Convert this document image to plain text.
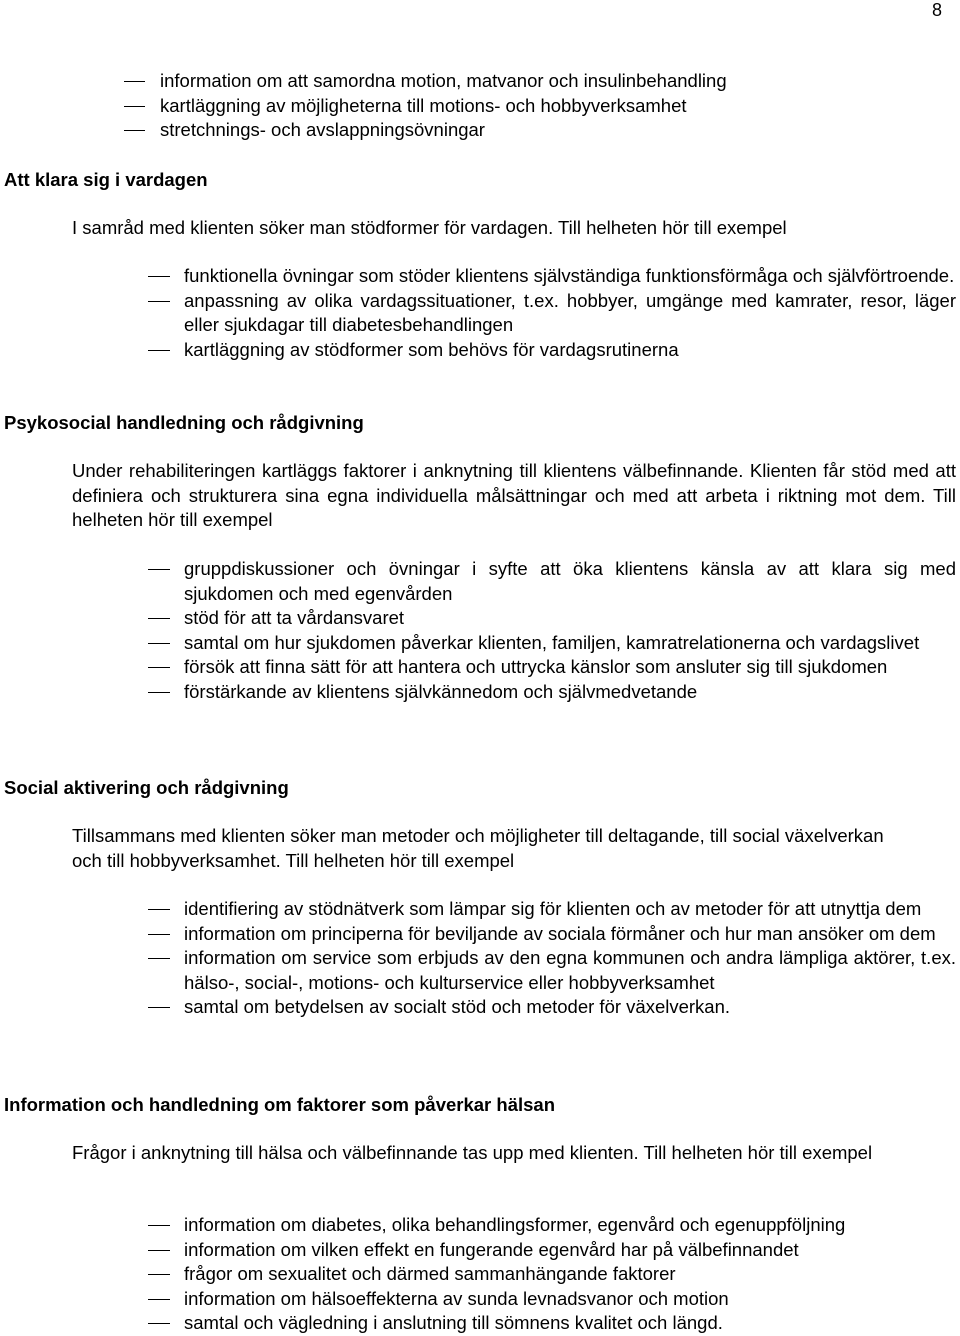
8
information om att samordna motion, matvanor och insulinbehandling
kartläggning av möjligheterna till motions- och hobbyverksamhet
stretchnings- och avslappningsövningar
Att klara sig i vardagen
I samråd med klienten söker man stödformer för vardagen. Till helheten hör till exempel
funktionella övningar som stöder klientens självständiga funktionsförmåga och självförtroende.
anpassning av olika vardagssituationer, t.ex. hobbyer, umgänge med kamrater, resor, läger eller sjukdagar till diabetesbehandlingen
kartläggning av stödformer som behövs för vardagsrutinerna
Psykosocial handledning och rådgivning
Under rehabiliteringen kartläggs faktorer i anknytning till klientens välbefinnande. Klienten får stöd med att definiera och strukturera sina egna individuella målsättningar och med att arbeta i riktning mot dem. Till helheten hör till exempel
gruppdiskussioner och övningar i syfte att öka klientens känsla av att klara sig med sjukdomen och med egenvården
stöd för att ta vårdansvaret
samtal om hur sjukdomen påverkar klienten, familjen, kamratrelationerna och vardagslivet
försök att finna sätt för att hantera och uttrycka känslor som ansluter sig till sjukdomen
förstärkande av klientens självkännedom och självmedvetande
Social aktivering och rådgivning
Tillsammans med klienten söker man metoder och möjligheter till deltagande, till social växelverkan och till hobbyverksamhet. Till helheten hör till exempel
identifiering av stödnätverk som lämpar sig för klienten och av metoder för att utnyttja dem
information om principerna för beviljande av sociala förmåner och hur man ansöker om dem
information om service som erbjuds av den egna kommunen och andra lämpliga aktörer, t.ex. hälso-, social-, motions- och kulturservice eller hobbyverksamhet
samtal om betydelsen av socialt stöd och metoder för växelverkan.
Information och handledning om faktorer som påverkar hälsan
Frågor i anknytning till hälsa och välbefinnande tas upp med klienten. Till helheten hör till exempel
information om diabetes, olika behandlingsformer, egenvård och egenuppföljning
information om vilken effekt en fungerande egenvård har på välbefinnandet
frågor om sexualitet och därmed sammanhängande faktorer
information om hälsoeffekterna av sunda levnadsvanor och motion
samtal och vägledning i anslutning till sömnens kvalitet och längd.
